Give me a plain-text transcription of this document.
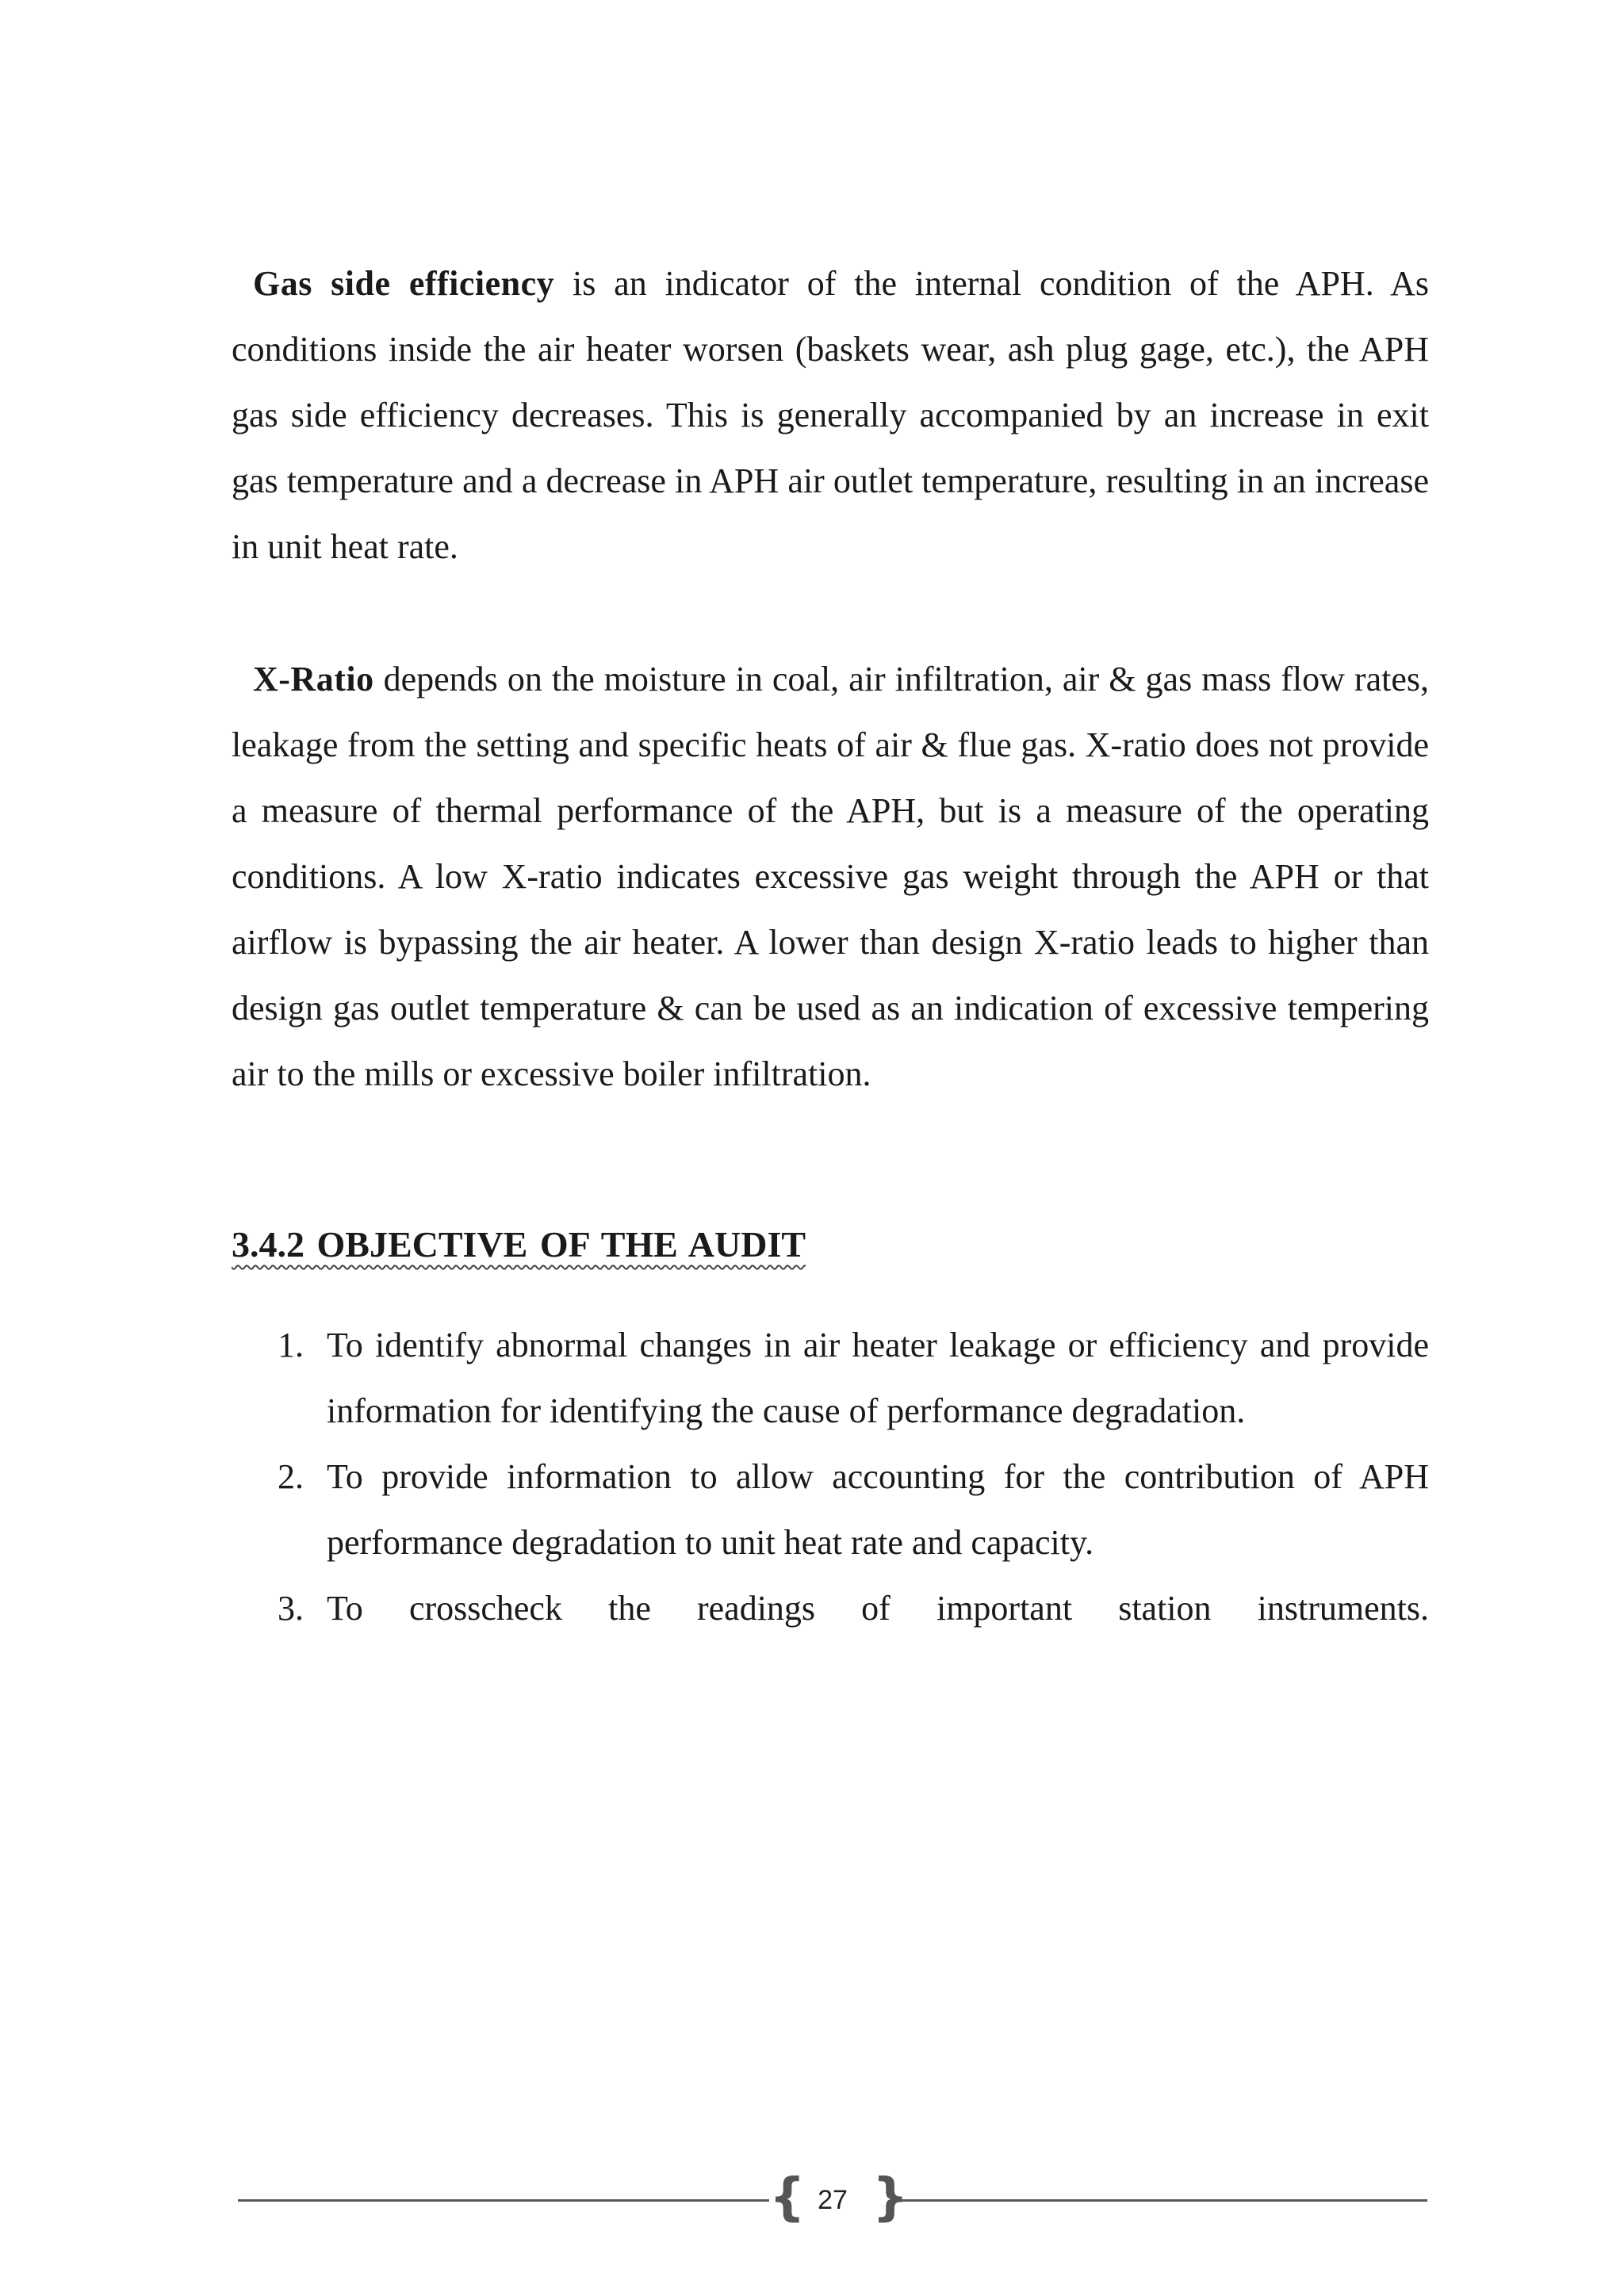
Gas side efficiency is an indicator of the internal condition of the APH. As conditions inside the air heater worsen (baskets wear, ash plug gage, etc.), the APH gas side efficiency decreases. This is generally accompanied by an increase in exit gas temperature and a decrease in APH air outlet temperature, resulting in an increase in unit heat rate.

X-Ratio depends on the moisture in coal, air infiltration, air & gas mass flow rates, leakage from the setting and specific heats of air & flue gas. X-ratio does not provide a measure of thermal performance of the APH, but is a measure of the operating conditions. A low X-ratio indicates excessive gas weight through the APH or that airflow is bypassing the air heater. A lower than design X-ratio leads to higher than design gas outlet temperature & can be used as an indication of excessive tempering air to the mills or excessive boiler infiltration.

3.4.2 OBJECTIVE OF THE AUDIT
1. To identify abnormal changes in air heater leakage or efficiency and provide information for identifying the cause of performance degradation.
2. To provide information to allow accounting for the contribution of APH performance degradation to unit heat rate and capacity.
3. To crosscheck the readings of important station instruments.
{ 27 }
